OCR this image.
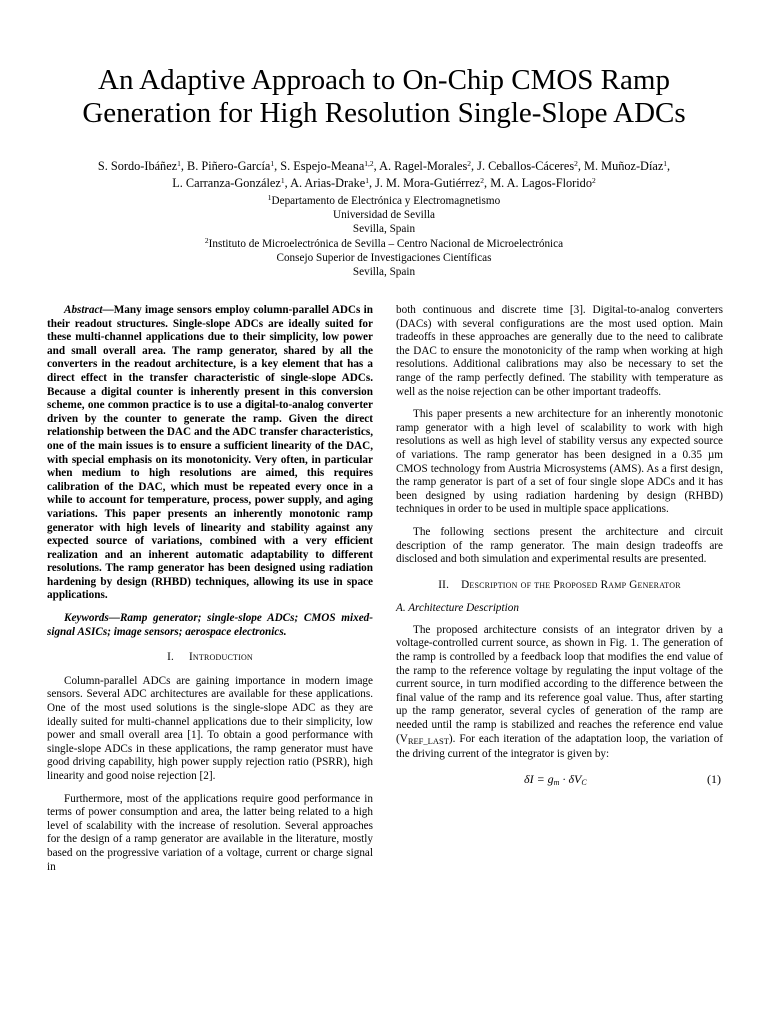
An Adaptive Approach to On-Chip CMOS Ramp
Generation for High Resolution Single-Slope ADCs
S. Sordo-Ibáñez$^1$, B. Piñero-García$^1$, S. Espejo-Meana$^{1,2}$, A. Ragel-Morales$^2$, J. Ceballos-Cáceres$^2$, M. Muñoz-Díaz$^1$,
L. Carranza-González$^1$, A. Arias-Drake$^1$, J. M. Mora-Gutiérrez$^2$, M. A. Lagos-Florido$^2$
$^1$Departamento de Electrónica y Electromagnetismo
Universidad de Sevilla
Sevilla, Spain
$^2$Instituto de Microelectrónica de Sevilla – Centro Nacional de Microelectrónica
Consejo Superior de Investigaciones Científicas
Sevilla, Spain

Abstract—Many image sensors employ column-parallel ADCs in their readout structures. Single-slope ADCs are ideally suited for these multi-channel applications due to their simplicity, low power and small overall area. The ramp generator, shared by all the converters in the readout architecture, is a key element that has a direct effect in the transfer characteristic of single-slope ADCs. Because a digital counter is inherently present in this conversion scheme, one common practice is to use a digital-to-analog converter driven by the counter to generate the ramp. Given the direct relationship between the DAC and the ADC transfer characteristics, one of the main issues is to ensure a sufficient linearity of the DAC, with special emphasis on its monotonicity. Very often, in particular when medium to high resolutions are aimed, this requires calibration of the DAC, which must be repeated every once in a while to account for temperature, process, power supply, and aging variations. This paper presents an inherently monotonic ramp generator with high levels of linearity and stability against any expected source of variations, combined with a very efficient realization and an inherent automatic adaptability to different resolutions. The ramp generator has been designed using radiation hardening by design (RHBD) techniques, allowing its use in space applications.

Keywords—Ramp generator; single-slope ADCs; CMOS mixed-signal ASICs; image sensors; aerospace electronics.

I. Introduction

Column-parallel ADCs are gaining importance in modern image sensors. Several ADC architectures are available for these applications. One of the most used solutions is the single-slope ADC as they are ideally suited for multi-channel applications due to their simplicity, low power and small overall area [1]. To obtain a good performance with single-slope ADCs in these applications, the ramp generator must have good driving capability, high power supply rejection ratio (PSRR), high linearity and good noise rejection [2].

Furthermore, most of the applications require good performance in terms of power consumption and area, the latter being related to a high level of scalability with the increase of resolution. Several approaches for the design of a ramp generator are available in the literature, mostly based on the progressive variation of a voltage, current or charge signal in

both continuous and discrete time [3]. Digital-to-analog converters (DACs) with several configurations are the most used option. Main tradeoffs in these approaches are generally due to the need to calibrate the DAC to ensure the monotonicity of the ramp when working at high resolutions. Additional calibrations may also be necessary to set the range of the ramp perfectly defined. The stability with temperature as well as the noise rejection can be other important tradeoffs.

This paper presents a new architecture for an inherently monotonic ramp generator with a high level of scalability to work with high resolutions as well as high level of stability versus any expected source of variations. The ramp generator has been designed in a 0.35 µm CMOS technology from Austria Microsystems (AMS). As a first design, the ramp generator is part of a set of four single slope ADCs and it has been designed by using radiation hardening by design (RHBD) techniques in order to be used in multiple space applications.

The following sections present the architecture and circuit description of the ramp generator. The main design tradeoffs are disclosed and both simulation and experimental results are presented.

II. Description of the Proposed Ramp Generator
A. Architecture Description

The proposed architecture consists of an integrator driven by a voltage-controlled current source, as shown in Fig. 1. The generation of the ramp is controlled by a feedback loop that modifies the end value of the ramp to the reference voltage by regulating the input voltage of the current source, in turn modified according to the difference between the final value of the ramp and its reference goal value. Thus, after starting up the ramp generator, several cycles of generation of the ramp are needed until the ramp is stabilized and reaches the reference end value (VREF_LAST). For each iteration of the adaptation loop, the variation of the driving current of the integrator is given by:

δI = gm · δVC	(1)
